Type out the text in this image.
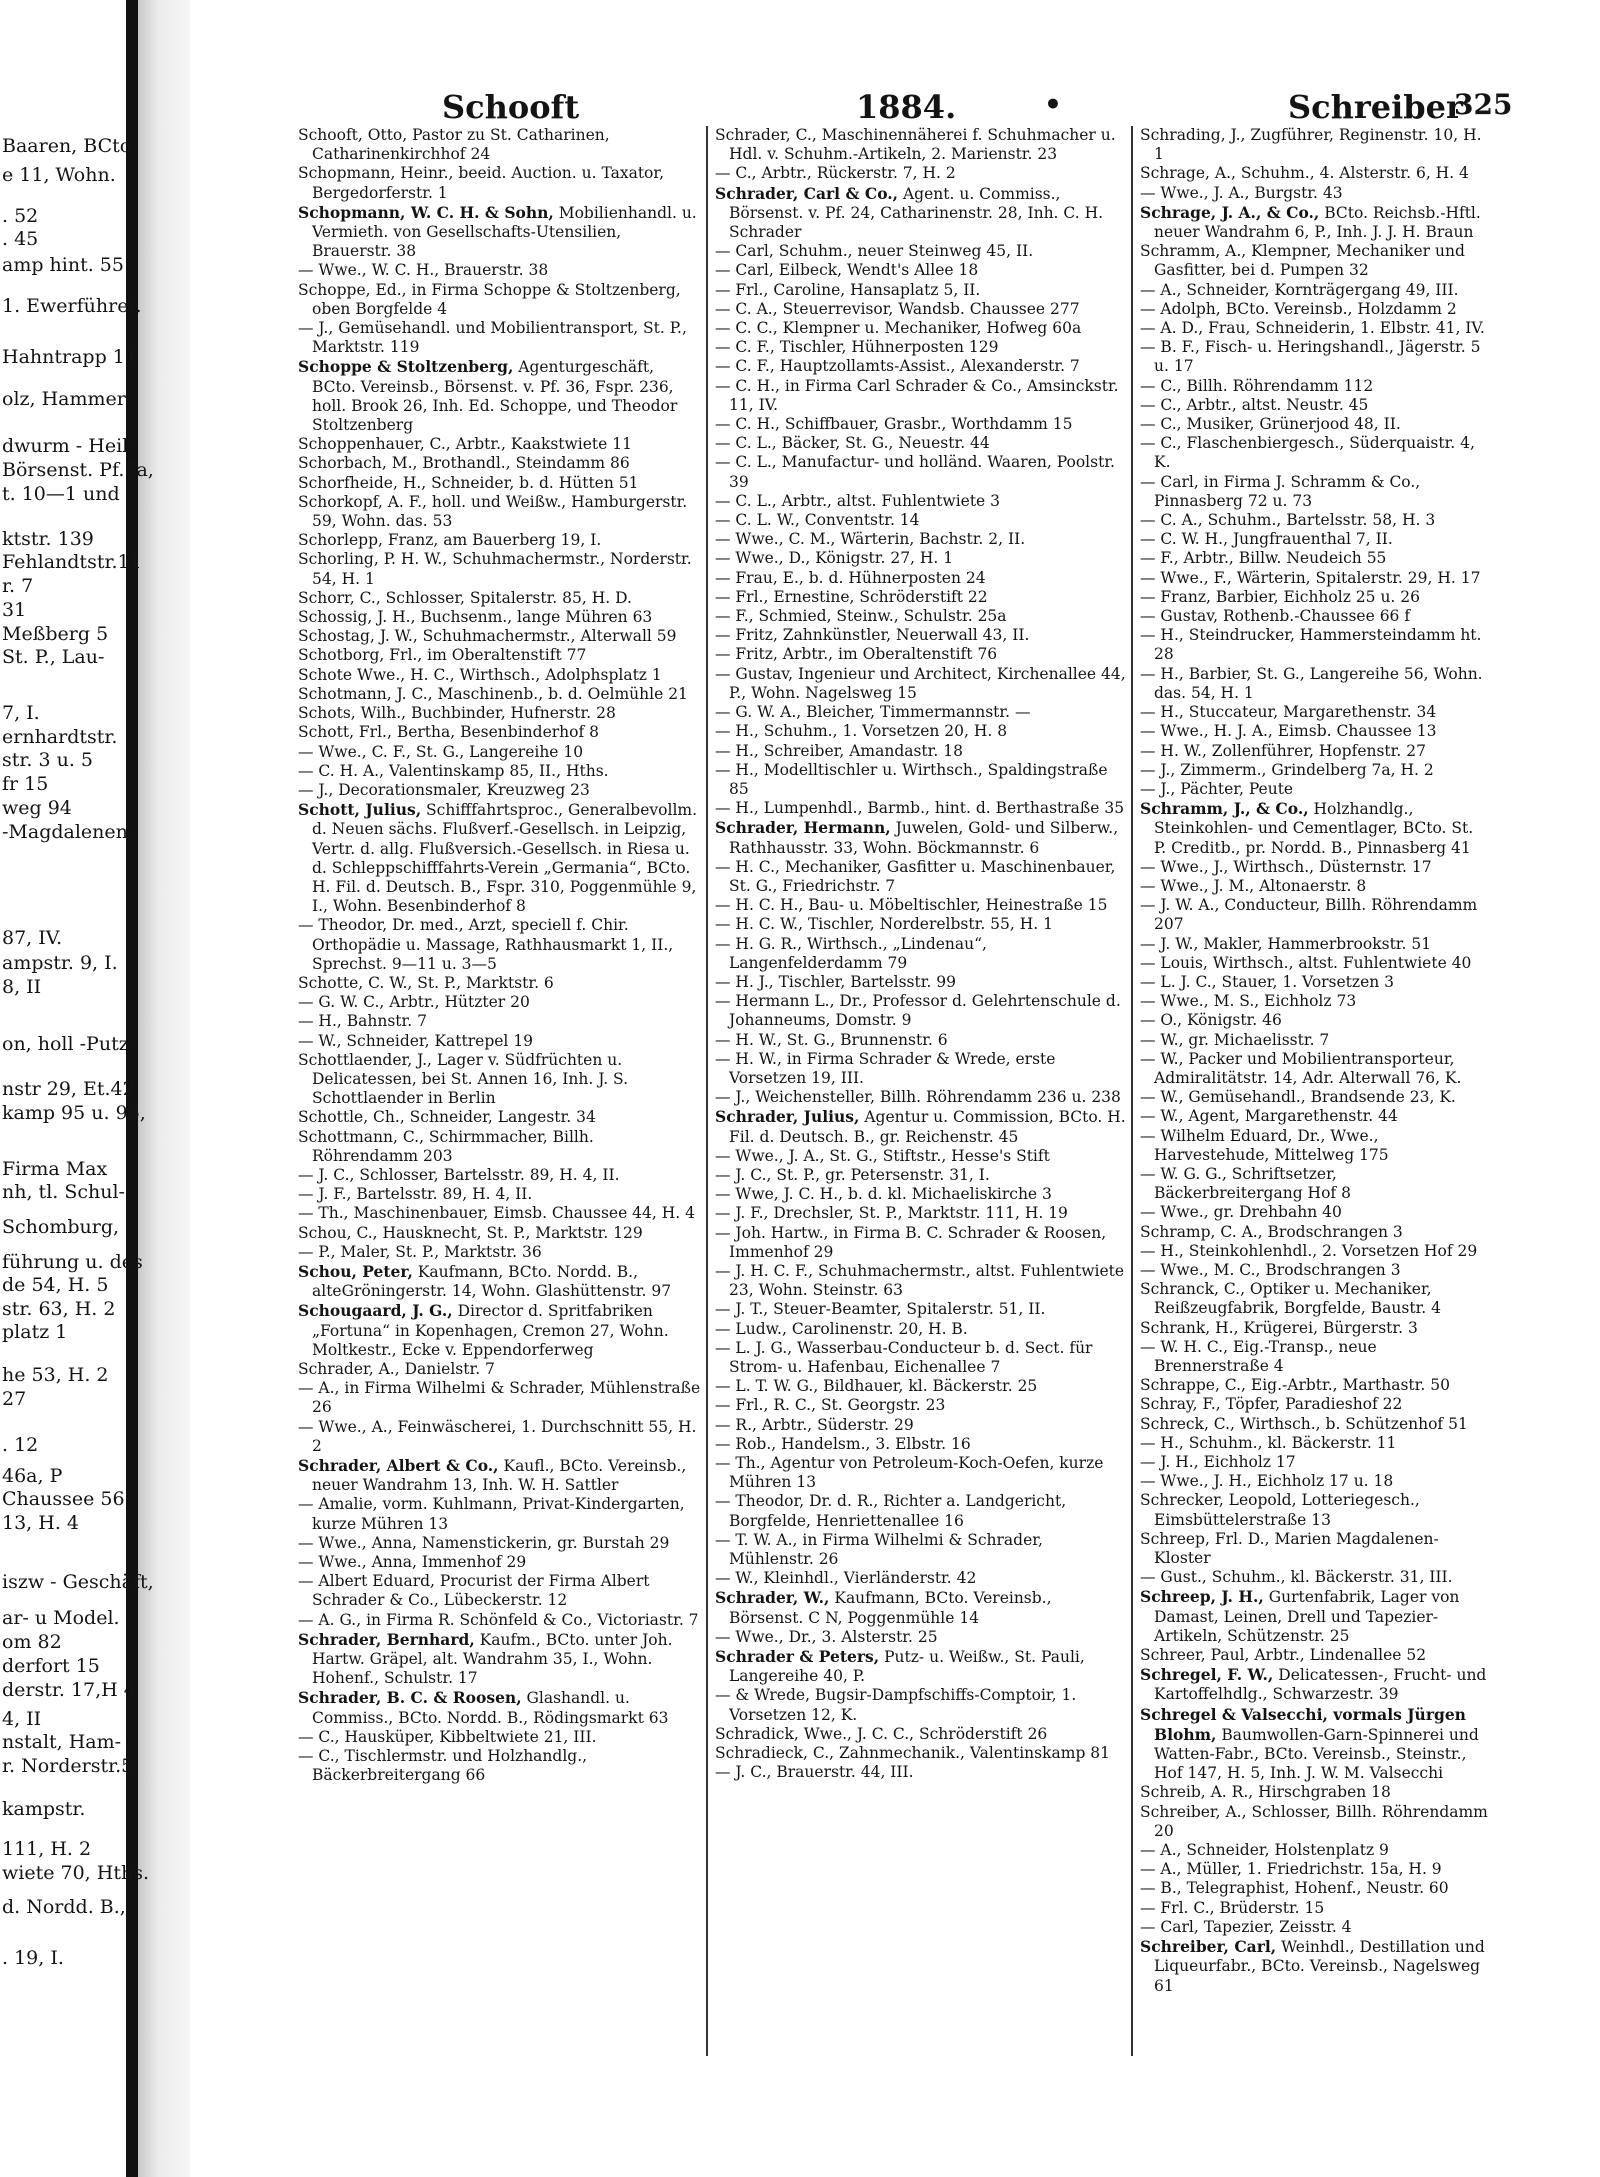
Baaren, BCto.
e 11, Wohn.
. 52
. 45
amp hint. 55
1. Ewerführer.
Hahntrapp 11
olz, Hammer-
dwurm - Heil-
Börsenst. Pf.5a,
t. 10—1 und
ktstr. 139
Fehlandtstr.11
r. 7
31
Meßberg 5
St. P., Lau-
7, I.
ernhardtstr.
str. 3 u. 5
fr 15
weg 94
-Magdalenen-
87, IV.
ampstr. 9, I.
8, II
on, holl -Putz-
nstr 29, Et.42
kamp 95 u. 96,
Firma Max
nh, tl. Schul-
Schomburg,
führung u. des
de 54, H. 5
str. 63, H. 2
platz 1
he 53, H. 2
27
. 12
46a, P
Chaussee 56
13, H. 4
iszw - Geschäft,
ar- u Model.
om 82
derfort 15
derstr. 17,H 4
4, II
nstalt, Ham-
r. Norderstr.5
kampstr.
111, H. 2
wiete 70, Hths.
d. Nordd. B.,
. 19, I.
Schooft	1884.	•	Schreiber
325
Schooft, Otto, Pastor zu St. Catharinen, Catharinenkirchhof 24
Schopmann, Heinr., beeid. Auction. u. Taxator, Bergedorferstr. 1
Schopmann, W. C. H. & Sohn, Mobilienhandl. u. Vermieth. von Gesellschafts-Utensilien, Brauerstr. 38
— Wwe., W. C. H., Brauerstr. 38
Schoppe, Ed., in Firma Schoppe & Stoltzenberg, oben Borgfelde 4
— J., Gemüsehandl. und Mobilientransport, St. P., Marktstr. 119
Schoppe & Stoltzenberg, Agenturgeschäft, BCto. Vereinsb., Börsenst. v. Pf. 36, Fspr. 236, holl. Brook 26, Inh. Ed. Schoppe, und Theodor Stoltzenberg
Schoppenhauer, C., Arbtr., Kaakstwiete 11
Schorbach, M., Brothandl., Steindamm 86
Schorfheide, H., Schneider, b. d. Hütten 51
Schorkopf, A. F., holl. und Weißw., Hamburgerstr. 59, Wohn. das. 53
Schorlepp, Franz, am Bauerberg 19, I.
Schorling, P. H. W., Schuhmachermstr., Norderstr. 54, H. 1
Schorr, C., Schlosser, Spitalerstr. 85, H. D.
Schossig, J. H., Buchsenm., lange Mühren 63
Schostag, J. W., Schuhmachermstr., Alterwall 59
Schotborg, Frl., im Oberaltenstift 77
Schote Wwe., H. C., Wirthsch., Adolphsplatz 1
Schotmann, J. C., Maschinenb., b. d. Oelmühle 21
Schots, Wilh., Buchbinder, Hufnerstr. 28
Schott, Frl., Bertha, Besenbinderhof 8
— Wwe., C. F., St. G., Langereihe 10
— C. H. A., Valentinskamp 85, II., Hths.
— J., Decorationsmaler, Kreuzweg 23
Schott, Julius, Schifffahrtsproc., Generalbevollm. d. Neuen sächs. Flußverf.-Gesellsch. in Leipzig, Vertr. d. allg. Flußversich.-Gesellsch. in Riesa u. d. Schleppschifffahrts-Verein „Germania“, BCto. H. Fil. d. Deutsch. B., Fspr. 310, Poggenmühle 9, I., Wohn. Besenbinderhof 8
— Theodor, Dr. med., Arzt, speciell f. Chir. Orthopädie u. Massage, Rathhausmarkt 1, II., Sprechst. 9—11 u. 3—5
Schotte, C. W., St. P., Marktstr. 6
— G. W. C., Arbtr., Hützter 20
— H., Bahnstr. 7
— W., Schneider, Kattrepel 19
Schottlaender, J., Lager v. Südfrüchten u. Delicatessen, bei St. Annen 16, Inh. J. S. Schottlaender in Berlin
Schottle, Ch., Schneider, Langestr. 34
Schottmann, C., Schirmmacher, Billh. Röhrendamm 203
— J. C., Schlosser, Bartelsstr. 89, H. 4, II.
— J. F., Bartelsstr. 89, H. 4, II.
— Th., Maschinenbauer, Eimsb. Chaussee 44, H. 4
Schou, C., Hausknecht, St. P., Marktstr. 129
— P., Maler, St. P., Marktstr. 36
Schou, Peter, Kaufmann, BCto. Nordd. B., alteGröningerstr. 14, Wohn. Glashüttenstr. 97
Schougaard, J. G., Director d. Spritfabriken „Fortuna“ in Kopenhagen, Cremon 27, Wohn. Moltkestr., Ecke v. Eppendorferweg
Schrader, A., Danielstr. 7
— A., in Firma Wilhelmi & Schrader, Mühlenstraße 26
— Wwe., A., Feinwäscherei, 1. Durchschnitt 55, H. 2
Schrader, Albert & Co., Kaufl., BCto. Vereinsb., neuer Wandrahm 13, Inh. W. H. Sattler
— Amalie, vorm. Kuhlmann, Privat-Kindergarten, kurze Mühren 13
— Wwe., Anna, Namenstickerin, gr. Burstah 29
— Wwe., Anna, Immenhof 29
— Albert Eduard, Procurist der Firma Albert Schrader & Co., Lübeckerstr. 12
— A. G., in Firma R. Schönfeld & Co., Victoriastr. 7
Schrader, Bernhard, Kaufm., BCto. unter Joh. Hartw. Gräpel, alt. Wandrahm 35, I., Wohn. Hohenf., Schulstr. 17
Schrader, B. C. & Roosen, Glashandl. u. Commiss., BCto. Nordd. B., Rödingsmarkt 63
— C., Hausküper, Kibbeltwiete 21, III.
— C., Tischlermstr. und Holzhandlg., Bäckerbreitergang 66
Schrader, C., Maschinennäherei f. Schuhmacher u. Hdl. v. Schuhm.-Artikeln, 2. Marienstr. 23
— C., Arbtr., Rückerstr. 7, H. 2
Schrader, Carl & Co., Agent. u. Commiss., Börsenst. v. Pf. 24, Catharinenstr. 28, Inh. C. H. Schrader
— Carl, Schuhm., neuer Steinweg 45, II.
— Carl, Eilbeck, Wendt's Allee 18
— Frl., Caroline, Hansaplatz 5, II.
— C. A., Steuerrevisor, Wandsb. Chaussee 277
— C. C., Klempner u. Mechaniker, Hofweg 60a
— C. F., Tischler, Hühnerposten 129
— C. F., Hauptzollamts-Assist., Alexanderstr. 7
— C. H., in Firma Carl Schrader & Co., Amsinckstr. 11, IV.
— C. H., Schiffbauer, Grasbr., Worthdamm 15
— C. L., Bäcker, St. G., Neuestr. 44
— C. L., Manufactur- und holländ. Waaren, Poolstr. 39
— C. L., Arbtr., altst. Fuhlentwiete 3
— C. L. W., Conventstr. 14
— Wwe., C. M., Wärterin, Bachstr. 2, II.
— Wwe., D., Königstr. 27, H. 1
— Frau, E., b. d. Hühnerposten 24
— Frl., Ernestine, Schröderstift 22
— F., Schmied, Steinw., Schulstr. 25a
— Fritz, Zahnkünstler, Neuerwall 43, II.
— Fritz, Arbtr., im Oberaltenstift 76
— Gustav, Ingenieur und Architect, Kirchenallee 44, P., Wohn. Nagelsweg 15
— G. W. A., Bleicher, Timmermannstr. —
— H., Schuhm., 1. Vorsetzen 20, H. 8
— H., Schreiber, Amandastr. 18
— H., Modelltischler u. Wirthsch., Spaldingstraße 85
— H., Lumpenhdl., Barmb., hint. d. Berthastraße 35
Schrader, Hermann, Juwelen, Gold- und Silberw., Rathhausstr. 33, Wohn. Böckmannstr. 6
— H. C., Mechaniker, Gasfitter u. Maschinenbauer, St. G., Friedrichstr. 7
— H. C. H., Bau- u. Möbeltischler, Heinestraße 15
— H. C. W., Tischler, Norderelbstr. 55, H. 1
— H. G. R., Wirthsch., „Lindenau“, Langenfelderdamm 79
— H. J., Tischler, Bartelsstr. 99
— Hermann L., Dr., Professor d. Gelehrtenschule d. Johanneums, Domstr. 9
— H. W., St. G., Brunnenstr. 6
— H. W., in Firma Schrader & Wrede, erste Vorsetzen 19, III.
— J., Weichensteller, Billh. Röhrendamm 236 u. 238
Schrader, Julius, Agentur u. Commission, BCto. H. Fil. d. Deutsch. B., gr. Reichenstr. 45
— Wwe., J. A., St. G., Stiftstr., Hesse's Stift
— J. C., St. P., gr. Petersenstr. 31, I.
— Wwe, J. C. H., b. d. kl. Michaeliskirche 3
— J. F., Drechsler, St. P., Marktstr. 111, H. 19
— Joh. Hartw., in Firma B. C. Schrader & Roosen, Immenhof 29
— J. H. C. F., Schuhmachermstr., altst. Fuhlentwiete 23, Wohn. Steinstr. 63
— J. T., Steuer-Beamter, Spitalerstr. 51, II.
— Ludw., Carolinenstr. 20, H. B.
— L. J. G., Wasserbau-Conducteur b. d. Sect. für Strom- u. Hafenbau, Eichenallee 7
— L. T. W. G., Bildhauer, kl. Bäckerstr. 25
— Frl., R. C., St. Georgstr. 23
— R., Arbtr., Süderstr. 29
— Rob., Handelsm., 3. Elbstr. 16
— Th., Agentur von Petroleum-Koch-Oefen, kurze Mühren 13
— Theodor, Dr. d. R., Richter a. Landgericht, Borgfelde, Henriettenallee 16
— T. W. A., in Firma Wilhelmi & Schrader, Mühlenstr. 26
— W., Kleinhdl., Vierländerstr. 42
Schrader, W., Kaufmann, BCto. Vereinsb., Börsenst. C N, Poggenmühle 14
— Wwe., Dr., 3. Alsterstr. 25
Schrader & Peters, Putz- u. Weißw., St. Pauli, Langereihe 40, P.
— & Wrede, Bugsir-Dampfschiffs-Comptoir, 1. Vorsetzen 12, K.
Schradick, Wwe., J. C. C., Schröderstift 26
Schradieck, C., Zahnmechanik., Valentinskamp 81
— J. C., Brauerstr. 44, III.
Schrading, J., Zugführer, Reginenstr. 10, H. 1
Schrage, A., Schuhm., 4. Alsterstr. 6, H. 4
— Wwe., J. A., Burgstr. 43
Schrage, J. A., & Co., BCto. Reichsb.-Hftl. neuer Wandrahm 6, P., Inh. J. J. H. Braun
Schramm, A., Klempner, Mechaniker und Gasfitter, bei d. Pumpen 32
— A., Schneider, Kornträgergang 49, III.
— Adolph, BCto. Vereinsb., Holzdamm 2
— A. D., Frau, Schneiderin, 1. Elbstr. 41, IV.
— B. F., Fisch- u. Heringshandl., Jägerstr. 5 u. 17
— C., Billh. Röhrendamm 112
— C., Arbtr., altst. Neustr. 45
— C., Musiker, Grünerjood 48, II.
— C., Flaschenbiergesch., Süderquaistr. 4, K.
— Carl, in Firma J. Schramm & Co., Pinnasberg 72 u. 73
— C. A., Schuhm., Bartelsstr. 58, H. 3
— C. W. H., Jungfrauenthal 7, II.
— F., Arbtr., Billw. Neudeich 55
— Wwe., F., Wärterin, Spitalerstr. 29, H. 17
— Franz, Barbier, Eichholz 25 u. 26
— Gustav, Rothenb.-Chaussee 66 f
— H., Steindrucker, Hammersteindamm ht. 28
— H., Barbier, St. G., Langereihe 56, Wohn. das. 54, H. 1
— H., Stuccateur, Margarethenstr. 34
— Wwe., H. J. A., Eimsb. Chaussee 13
— H. W., Zollenführer, Hopfenstr. 27
— J., Zimmerm., Grindelberg 7a, H. 2
— J., Pächter, Peute
Schramm, J., & Co., Holzhandlg., Steinkohlen- und Cementlager, BCto. St. P. Creditb., pr. Nordd. B., Pinnasberg 41
— Wwe., J., Wirthsch., Düsternstr. 17
— Wwe., J. M., Altonaerstr. 8
— J. W. A., Conducteur, Billh. Röhrendamm 207
— J. W., Makler, Hammerbrookstr. 51
— Louis, Wirthsch., altst. Fuhlentwiete 40
— L. J. C., Stauer, 1. Vorsetzen 3
— Wwe., M. S., Eichholz 73
— O., Königstr. 46
— W., gr. Michaelisstr. 7
— W., Packer und Mobilientransporteur, Admiralitätstr. 14, Adr. Alterwall 76, K.
— W., Gemüsehandl., Brandsende 23, K.
— W., Agent, Margarethenstr. 44
— Wilhelm Eduard, Dr., Wwe., Harvestehude, Mittelweg 175
— W. G. G., Schriftsetzer, Bäckerbreitergang Hof 8
— Wwe., gr. Drehbahn 40
Schramp, C. A., Brodschrangen 3
— H., Steinkohlenhdl., 2. Vorsetzen Hof 29
— Wwe., M. C., Brodschrangen 3
Schranck, C., Optiker u. Mechaniker, Reißzeugfabrik, Borgfelde, Baustr. 4
Schrank, H., Krügerei, Bürgerstr. 3
— W. H. C., Eig.-Transp., neue Brennerstraße 4
Schrappe, C., Eig.-Arbtr., Marthastr. 50
Schray, F., Töpfer, Paradieshof 22
Schreck, C., Wirthsch., b. Schützenhof 51
— H., Schuhm., kl. Bäckerstr. 11
— J. H., Eichholz 17
— Wwe., J. H., Eichholz 17 u. 18
Schrecker, Leopold, Lotteriegesch., Eimsbüttelerstraße 13
Schreep, Frl. D., Marien Magdalenen-Kloster
— Gust., Schuhm., kl. Bäckerstr. 31, III.
Schreep, J. H., Gurtenfabrik, Lager von Damast, Leinen, Drell und Tapezier-Artikeln, Schützenstr. 25
Schreer, Paul, Arbtr., Lindenallee 52
Schregel, F. W., Delicatessen-, Frucht- und Kartoffelhdlg., Schwarzestr. 39
Schregel & Valsecchi, vormals Jürgen Blohm, Baumwollen-Garn-Spinnerei und Watten-Fabr., BCto. Vereinsb., Steinstr., Hof 147, H. 5, Inh. J. W. M. Valsecchi
Schreib, A. R., Hirschgraben 18
Schreiber, A., Schlosser, Billh. Röhrendamm 20
— A., Schneider, Holstenplatz 9
— A., Müller, 1. Friedrichstr. 15a, H. 9
— B., Telegraphist, Hohenf., Neustr. 60
— Frl. C., Brüderstr. 15
— Carl, Tapezier, Zeisstr. 4
Schreiber, Carl, Weinhdl., Destillation und Liqueurfabr., BCto. Vereinsb., Nagelsweg 61
